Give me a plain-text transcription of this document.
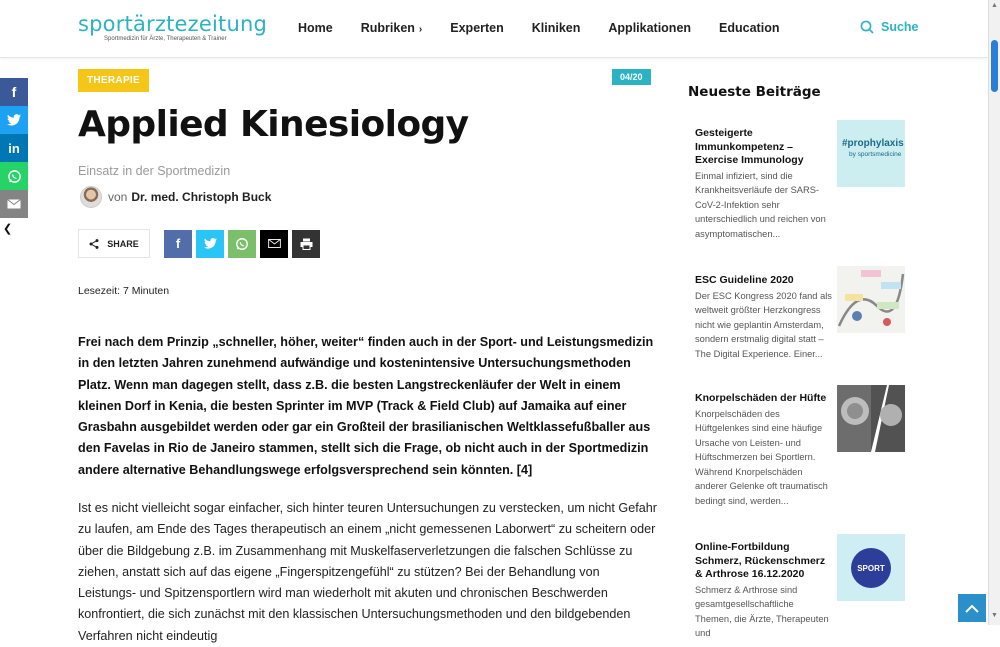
sportärztezeitung
Sportmedizin für Ärzte, Therapeuten & Trainer
Home Rubriken › Experten Kliniken Applikationen Education	Suche
f
in
❮
THERAPIE	04/20
Applied Kinesiology
Einsatz in der Sportmedizin
von Dr. med. Christoph Buck
SHARE	f
Lesezeit: 7 Minuten

Frei nach dem Prinzip „schneller, höher, weiter“ finden auch in der Sport- und Leistungsmedizin in den letzten Jahren zunehmend aufwändige und kostenintensive Untersuchungsmethoden Platz. Wenn man dagegen stellt, dass z.B. die besten Langstreckenläufer der Welt in einem kleinen Dorf in Kenia, die besten Sprinter im MVP (Track & Field Club) auf Jamaika auf einer Grasbahn ausgebildet werden oder gar ein Großteil der brasilianischen Weltklassefußballer aus den Favelas in Rio de Janeiro stammen, stellt sich die Frage, ob nicht auch in der Sportmedizin andere alternative Behandlungswege erfolgsversprechend sein könnten. [4]

Ist es nicht vielleicht sogar einfacher, sich hinter teuren Untersuchungen zu verstecken, um nicht Gefahr zu laufen, am Ende des Tages therapeutisch an einem „nicht gemessenen Laborwert“ zu scheitern oder über die Bildgebung z.B. im Zusammenhang mit Muskelfaserverletzungen die falschen Schlüsse zu ziehen, anstatt sich auf das eigene „Fingerspitzengefühl“ zu stützen? Bei der Behandlung von Leistungs- und Spitzensportlern wird man wiederholt mit akuten und chronischen Beschwerden konfrontiert, die sich zunächst mit den klassischen Untersuchungsmethoden und den bildgebenden Verfahren nicht eindeutig

Neueste Beiträge
Gesteigerte Immunkompetenz – Exercise Immunology
Einmal infiziert, sind die Krankheitsverläufe der SARS-CoV-2-Infektion sehr unterschiedlich und reichen von asymptomatischen...
#prophylaxis
by sportsmedicine
ESC Guideline 2020
Der ESC Kongress 2020 fand als weltweit größter Herzkongress nicht wie geplantin Amsterdam, sondern erstmalig digital statt – The Digital Experience. Einer...
Knorpelschäden der Hüfte
Knorpelschäden des Hüftgelenkes sind eine häufige Ursache von Leisten- und Hüftschmerzen bei Sportlern. Während Knorpelschäden anderer Gelenke oft traumatisch bedingt sind, werden...
Online-Fortbildung Schmerz, Rückenschmerz & Arthrose 16.12.2020
Schmerz & Arthrose sind gesamtgesellschaftliche Themen, die Ärzte, Therapeuten und
SPORT
▲
▼
